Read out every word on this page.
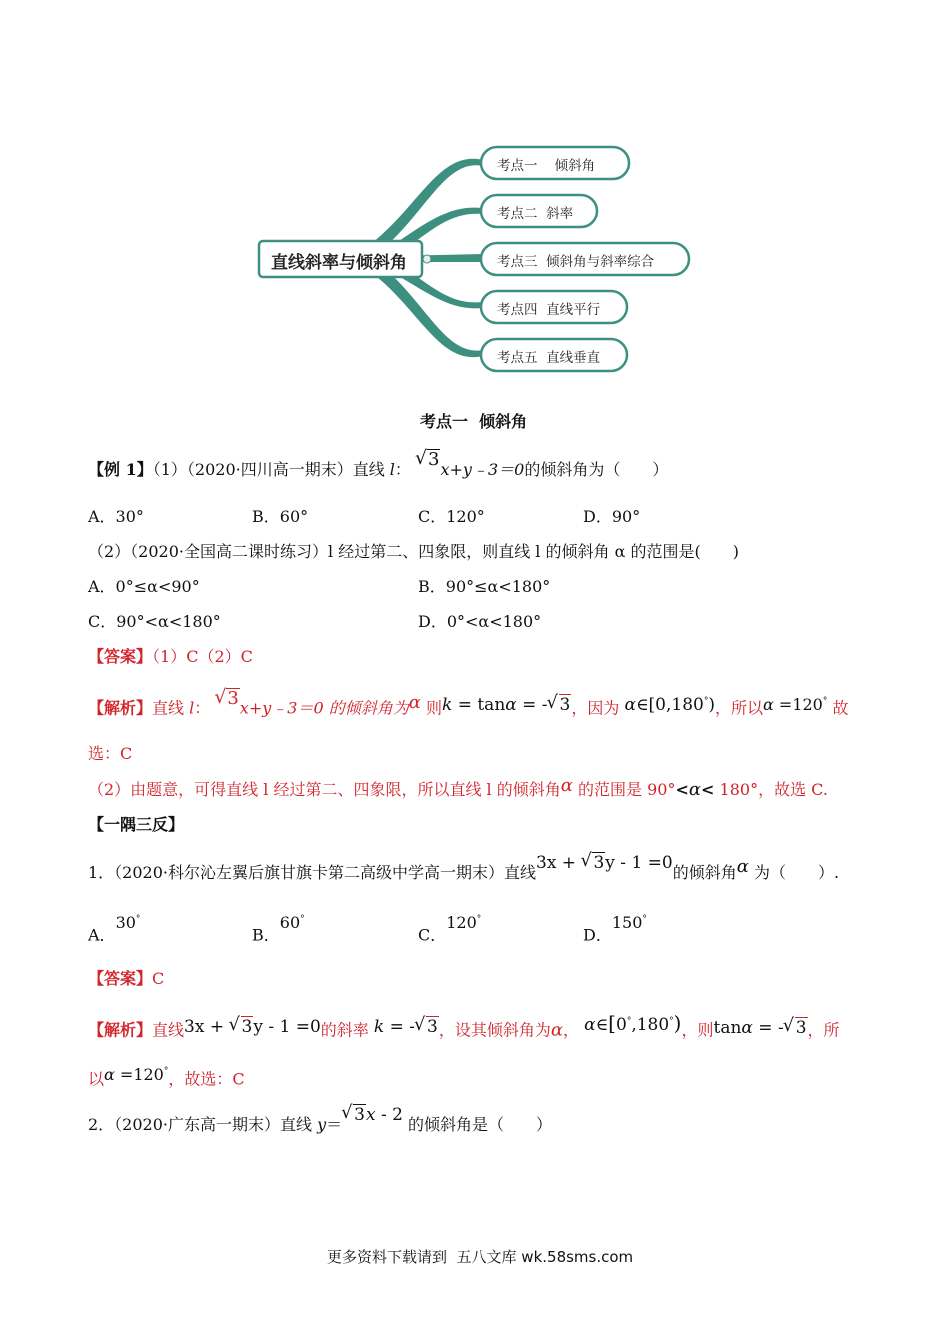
直线斜率与倾斜角
考点一    倾斜角
考点二  斜率
考点三  倾斜角与斜率综合
考点四  直线平行
考点五  直线垂直
考点一  倾斜角
【例 1】（1）（2020·四川高一期末）直线 l： √ 3x+y﹣3＝0的倾斜角为（　　）
A．30°	B．60°	C．120°	D．90°
（2）（2020·全国高二课时练习）l 经过第二、四象限，则直线 l 的倾斜角 α 的范围是(　　)
A．0°≤α<90°	B．90°≤α<180°
C．90°<α<180°	D．0°<α<180°
【答案】（1）C（2）C
【解析】直线 l： √ 3x+y﹣3＝0 的倾斜角为α 则k = tanα = - √ 3，因为 α∈[0,180°)，所以α =120° 故
选：C
（2）由题意，可得直线 l 经过第二、四象限，所以直线 l 的倾斜角α 的范围是 90°<α< 180°，故选 C.
【一隅三反】
1．（2020·科尔沁左翼后旗甘旗卡第二高级中学高一期末）直线3x + √ 3y - 1 =0的倾斜角α 为（　　）.
A．30°
B．60°
C．120°
D．150°
【答案】C
【解析】直线3x + √ 3y - 1 =0的斜率 k = - √ 3，设其倾斜角为α， α∈[0°,180°)，则tanα = - √ 3，所
以α =120°，故选：C
2．（2020·广东高一期末）直线 y＝ √ 3x - 2 的倾斜角是（　　）
更多资料下载请到  五八文库 wk.58sms.com
